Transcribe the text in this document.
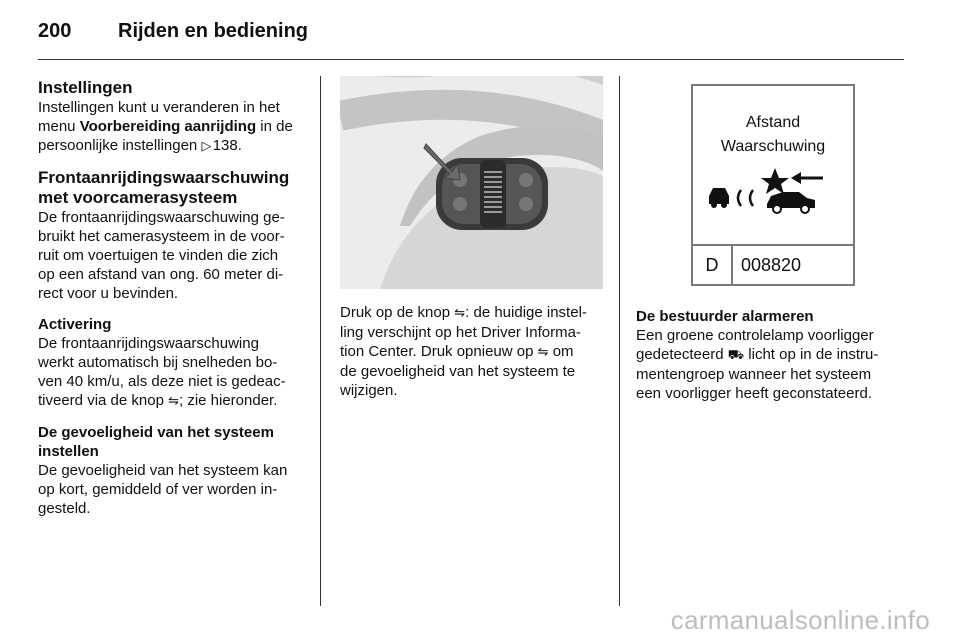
200 Rijden en bediening
Instellingen

Instellingen kunt u veranderen in het
menu Voorbereiding aanrijding in de
persoonlijke instellingen ▷ 138.

Frontaanrijdingswaarschuwing
met voorcamerasysteem

De frontaanrijdingswaarschuwing ge-
bruikt het camerasysteem in de voor-
ruit om voertuigen te vinden die zich
op een afstand van ong. 60 meter di-
rect voor u bevinden.

Activering

De frontaanrijdingswaarschuwing
werkt automatisch bij snelheden bo-
ven 40 km/u, als deze niet is gedeac-
tiveerd via de knop ⇋; zie hieronder.

De gevoeligheid van het systeem
instellen

De gevoeligheid van het systeem kan
op kort, gemiddeld of ver worden in-
gesteld.

Druk op de knop ⇋: de huidige instel-
ling verschijnt op het Driver Informa-
tion Center. Druk opnieuw op ⇋ om
de gevoeligheid van het systeem te
wijzigen.

Afstand
Waarschuwing
D	008820
De bestuurder alarmeren

Een groene controlelamp voorligger
gedetecteerd ⛟ licht op in de instru-
mentengroep wanneer het systeem
een voorligger heeft geconstateerd.

carmanualsonline.info
